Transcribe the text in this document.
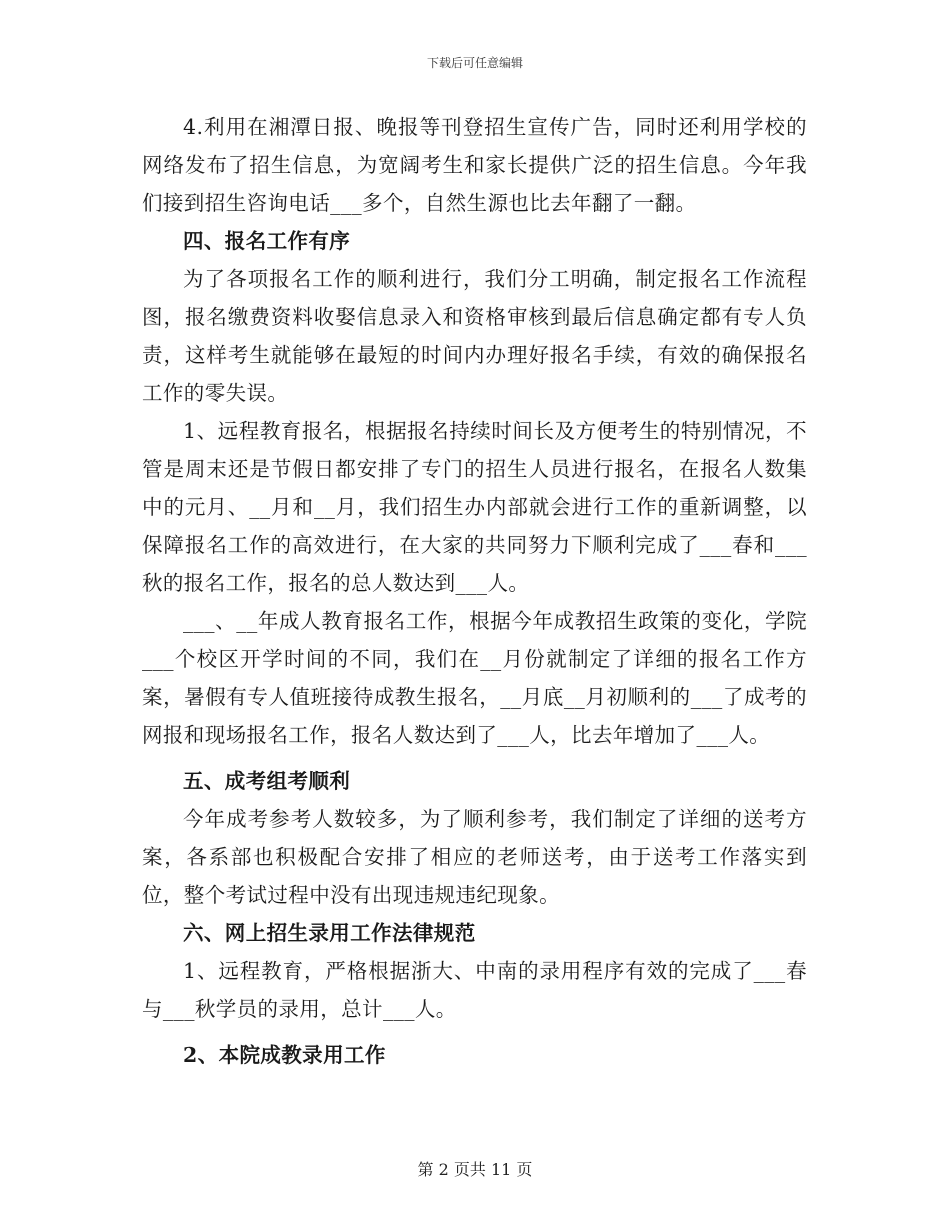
下载后可任意编辑

4.利用在湘潭日报、晚报等刊登招生宣传广告，同时还利用学校的网络发布了招生信息，为宽阔考生和家长提供广泛的招生信息。今年我们接到招生咨询电话___多个，自然生源也比去年翻了一翻。

四、报名工作有序

为了各项报名工作的顺利进行，我们分工明确，制定报名工作流程图，报名缴费资料收娶信息录入和资格审核到最后信息确定都有专人负责，这样考生就能够在最短的时间内办理好报名手续，有效的确保报名工作的零失误。

1、远程教育报名，根据报名持续时间长及方便考生的特别情况，不管是周末还是节假日都安排了专门的招生人员进行报名，在报名人数集中的元月、__月和__月，我们招生办内部就会进行工作的重新调整，以保障报名工作的高效进行，在大家的共同努力下顺利完成了___春和___秋的报名工作，报名的总人数达到___人。

___、__年成人教育报名工作，根据今年成教招生政策的变化，学院___个校区开学时间的不同，我们在__月份就制定了详细的报名工作方案，暑假有专人值班接待成教生报名，__月底__月初顺利的___了成考的网报和现场报名工作，报名人数达到了___人，比去年增加了___人。

五、成考组考顺利

今年成考参考人数较多，为了顺利参考，我们制定了详细的送考方案，各系部也积极配合安排了相应的老师送考，由于送考工作落实到位，整个考试过程中没有出现违规违纪现象。

六、网上招生录用工作法律规范

1、远程教育，严格根据浙大、中南的录用程序有效的完成了___春与___秋学员的录用，总计___人。

2、本院成教录用工作

第 2 页共 11 页
